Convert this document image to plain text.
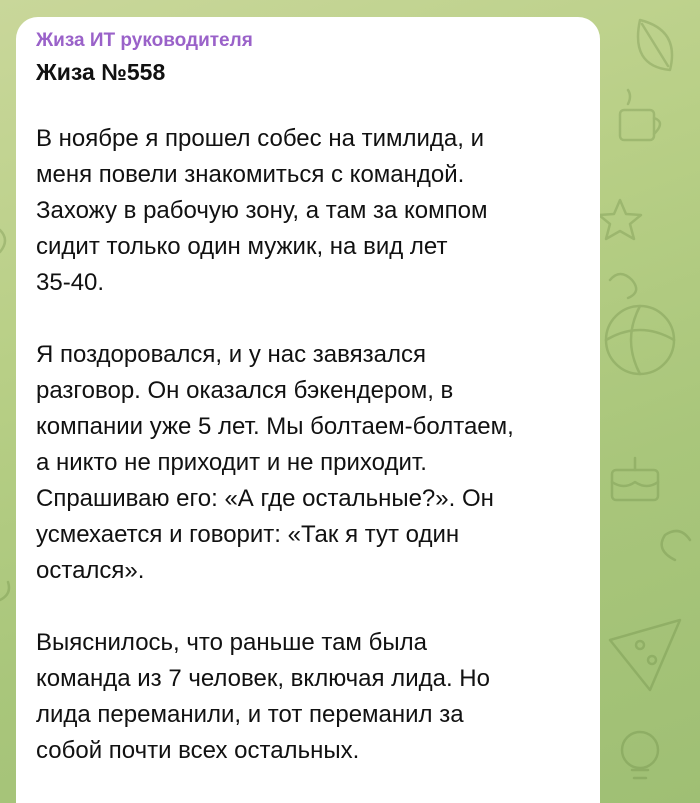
Жиза ИТ руководителя
Жиза №558

В ноябре я прошел собес на тимлида, и
меня повели знакомиться с командой.
Захожу в рабочую зону, а там за компом
сидит только один мужик, на вид лет
35-40.

Я поздоровался, и у нас завязался
разговор. Он оказался бэкендером, в
компании уже 5 лет. Мы болтаем-болтаем,
а никто не приходит и не приходит.
Спрашиваю его: «А где остальные?». Он
усмехается и говорит: «Так я тут один
остался».

Выяснилось, что раньше там была
команда из 7 человек, включая лида. Но
лида переманили, и тот переманил за
собой почти всех остальных.
